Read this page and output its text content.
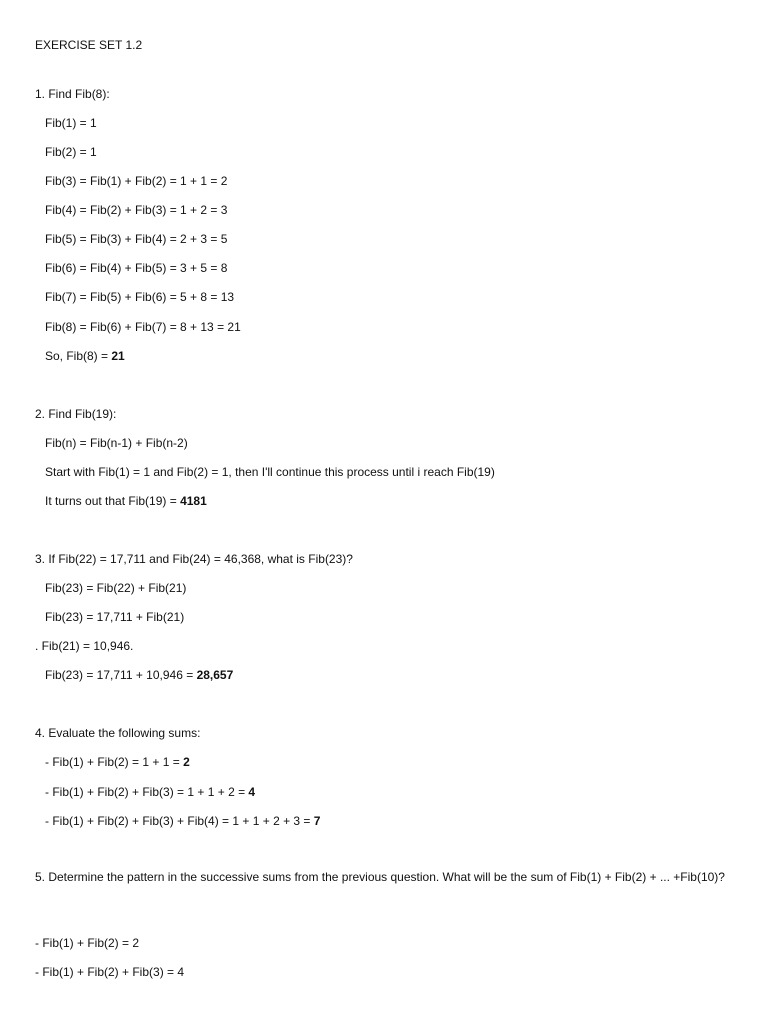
EXERCISE SET 1.2
1. Find Fib(8):
Fib(1) = 1
Fib(2) = 1
Fib(3) = Fib(1) + Fib(2) = 1 + 1 = 2
Fib(4) = Fib(2) + Fib(3) = 1 + 2 = 3
Fib(5) = Fib(3) + Fib(4) = 2 + 3 = 5
Fib(6) = Fib(4) + Fib(5) = 3 + 5 = 8
Fib(7) = Fib(5) + Fib(6) = 5 + 8 = 13
Fib(8) = Fib(6) + Fib(7) = 8 + 13 = 21
So, Fib(8) = 21
2. Find Fib(19):
Fib(n) = Fib(n-1) + Fib(n-2)
Start with Fib(1) = 1 and Fib(2) = 1, then I'll continue this process until i reach Fib(19)
It turns out that Fib(19) = 4181
3. If Fib(22) = 17,711 and Fib(24) = 46,368, what is Fib(23)?
Fib(23) = Fib(22) + Fib(21)
Fib(23) = 17,711 + Fib(21)
. Fib(21) = 10,946.
Fib(23) = 17,711 + 10,946 = 28,657
4. Evaluate the following sums:
- Fib(1) + Fib(2) = 1 + 1 = 2
- Fib(1) + Fib(2) + Fib(3) = 1 + 1 + 2 = 4
- Fib(1) + Fib(2) + Fib(3) + Fib(4) = 1 + 1 + 2 + 3 = 7
5. Determine the pattern in the successive sums from the previous question. What will be the sum of Fib(1) + Fib(2) + ... +Fib(10)?
- Fib(1) + Fib(2) = 2
- Fib(1) + Fib(2) + Fib(3) = 4
